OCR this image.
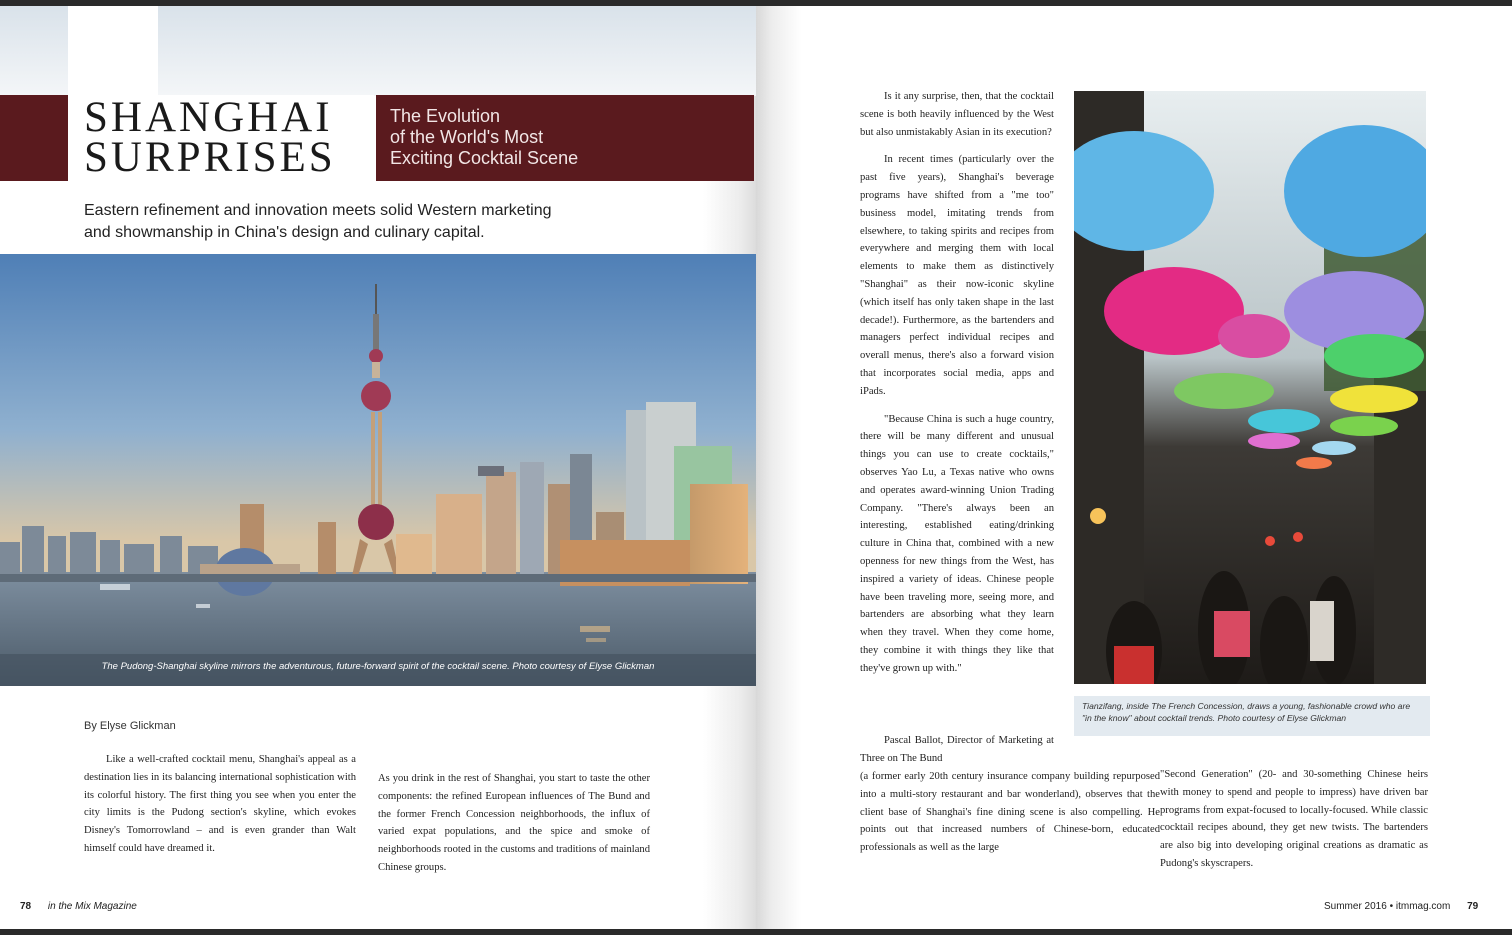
SHANGHAI
SURPRISES
The Evolution
of the World's Most
Exciting Cocktail Scene
Eastern refinement and innovation meets solid Western marketing
and showmanship in China's design and culinary capital.
The Pudong-Shanghai skyline mirrors the adventurous, future-forward spirit of the cocktail scene. Photo courtesy of Elyse Glickman
By Elyse Glickman
Like a well-crafted cocktail menu, Shanghai's appeal as a destination lies in its balancing international sophistication with its colorful history. The first thing you see when you enter the city limits is the Pudong section's skyline, which evokes Disney's Tomorrowland – and is even grander than Walt himself could have dreamed it.
As you drink in the rest of Shanghai, you start to taste the other components: the refined European influences of The Bund and the former French Concession neighborhoods, the influx of varied expat populations, and the spice and smoke of neighborhoods rooted in the customs and traditions of mainland Chinese groups.
78 in the Mix Magazine

Is it any surprise, then, that the cocktail scene is both heavily influenced by the West but also unmistakably Asian in its execution?

In recent times (particularly over the past five years), Shanghai's beverage programs have shifted from a "me too" business model, imitating trends from elsewhere, to taking spirits and recipes from everywhere and merging them with local elements to make them as distinctively "Shanghai" as their now-iconic skyline (which itself has only taken shape in the last decade!). Furthermore, as the bartenders and managers perfect individual recipes and overall menus, there's also a forward vision that incorporates social media, apps and iPads.

"Because China is such a huge country, there will be many different and unusual things you can use to create cocktails," observes Yao Lu, a Texas native who owns and operates award-winning Union Trading Company. "There's always been an interesting, established eating/drinking culture in China that, combined with a new openness for new things from the West, has inspired a variety of ideas. Chinese people have been traveling more, seeing more, and bartenders are absorbing what they learn when they travel. When they come home, they combine it with things they like that they've grown up with."

Tianzifang, inside The French Concession, draws a young, fashionable crowd who are "in the know" about cocktail trends. Photo courtesy of Elyse Glickman
Pascal Ballot, Director of Marketing at Three on The Bund
(a former early 20th century insurance company building repurposed into a multi-story restaurant and bar wonderland), observes that the client base of Shanghai's fine dining scene is also compelling. He points out that increased numbers of Chinese-born, educated professionals as well as the large
"Second Generation" (20- and 30-something Chinese heirs with money to spend and people to impress) have driven bar programs from expat-focused to locally-focused. While classic cocktail recipes abound, they get new twists. The bartenders are also big into developing original creations as dramatic as Pudong's skyscrapers.
Summer 2016 • itmmag.com 79
